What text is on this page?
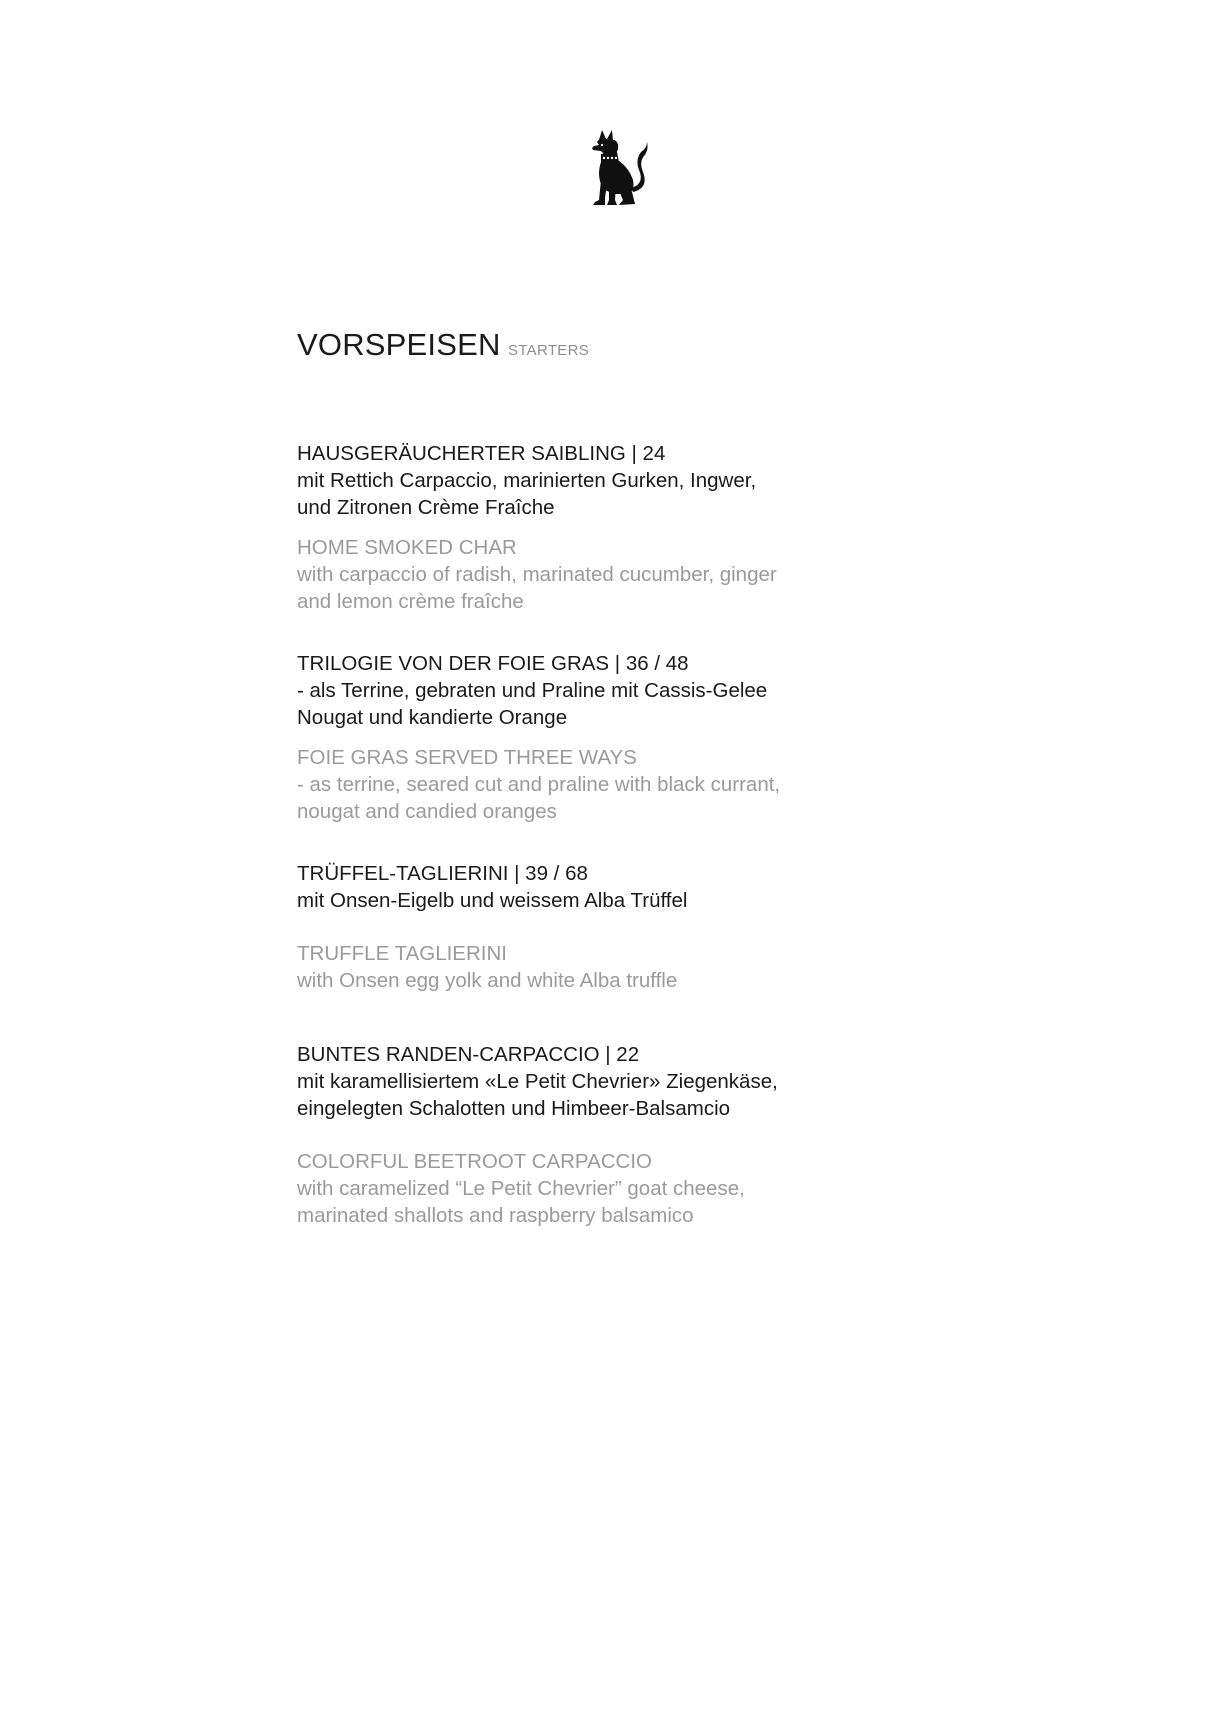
VORSPEISEN STARTERS
HAUSGERÄUCHERTER SAIBLING | 24
mit Rettich Carpaccio, marinierten Gurken, Ingwer,
und Zitronen Crème Fraîche
HOME SMOKED CHAR
with carpaccio of radish, marinated cucumber, ginger
and lemon crème fraîche
TRILOGIE VON DER FOIE GRAS | 36 / 48
- als Terrine, gebraten und Praline mit Cassis-Gelee
Nougat und kandierte Orange
FOIE GRAS SERVED THREE WAYS
- as terrine, seared cut and praline with black currant,
nougat and candied oranges
TRÜFFEL-TAGLIERINI | 39 / 68
mit Onsen-Eigelb und weissem Alba Trüffel
TRUFFLE TAGLIERINI
with Onsen egg yolk and white Alba truffle
BUNTES RANDEN-CARPACCIO | 22
mit karamellisiertem «Le Petit Chevrier» Ziegenkäse,
eingelegten Schalotten und Himbeer-Balsamcio
COLORFUL BEETROOT CARPACCIO
with caramelized “Le Petit Chevrier” goat cheese,
marinated shallots and raspberry balsamico
